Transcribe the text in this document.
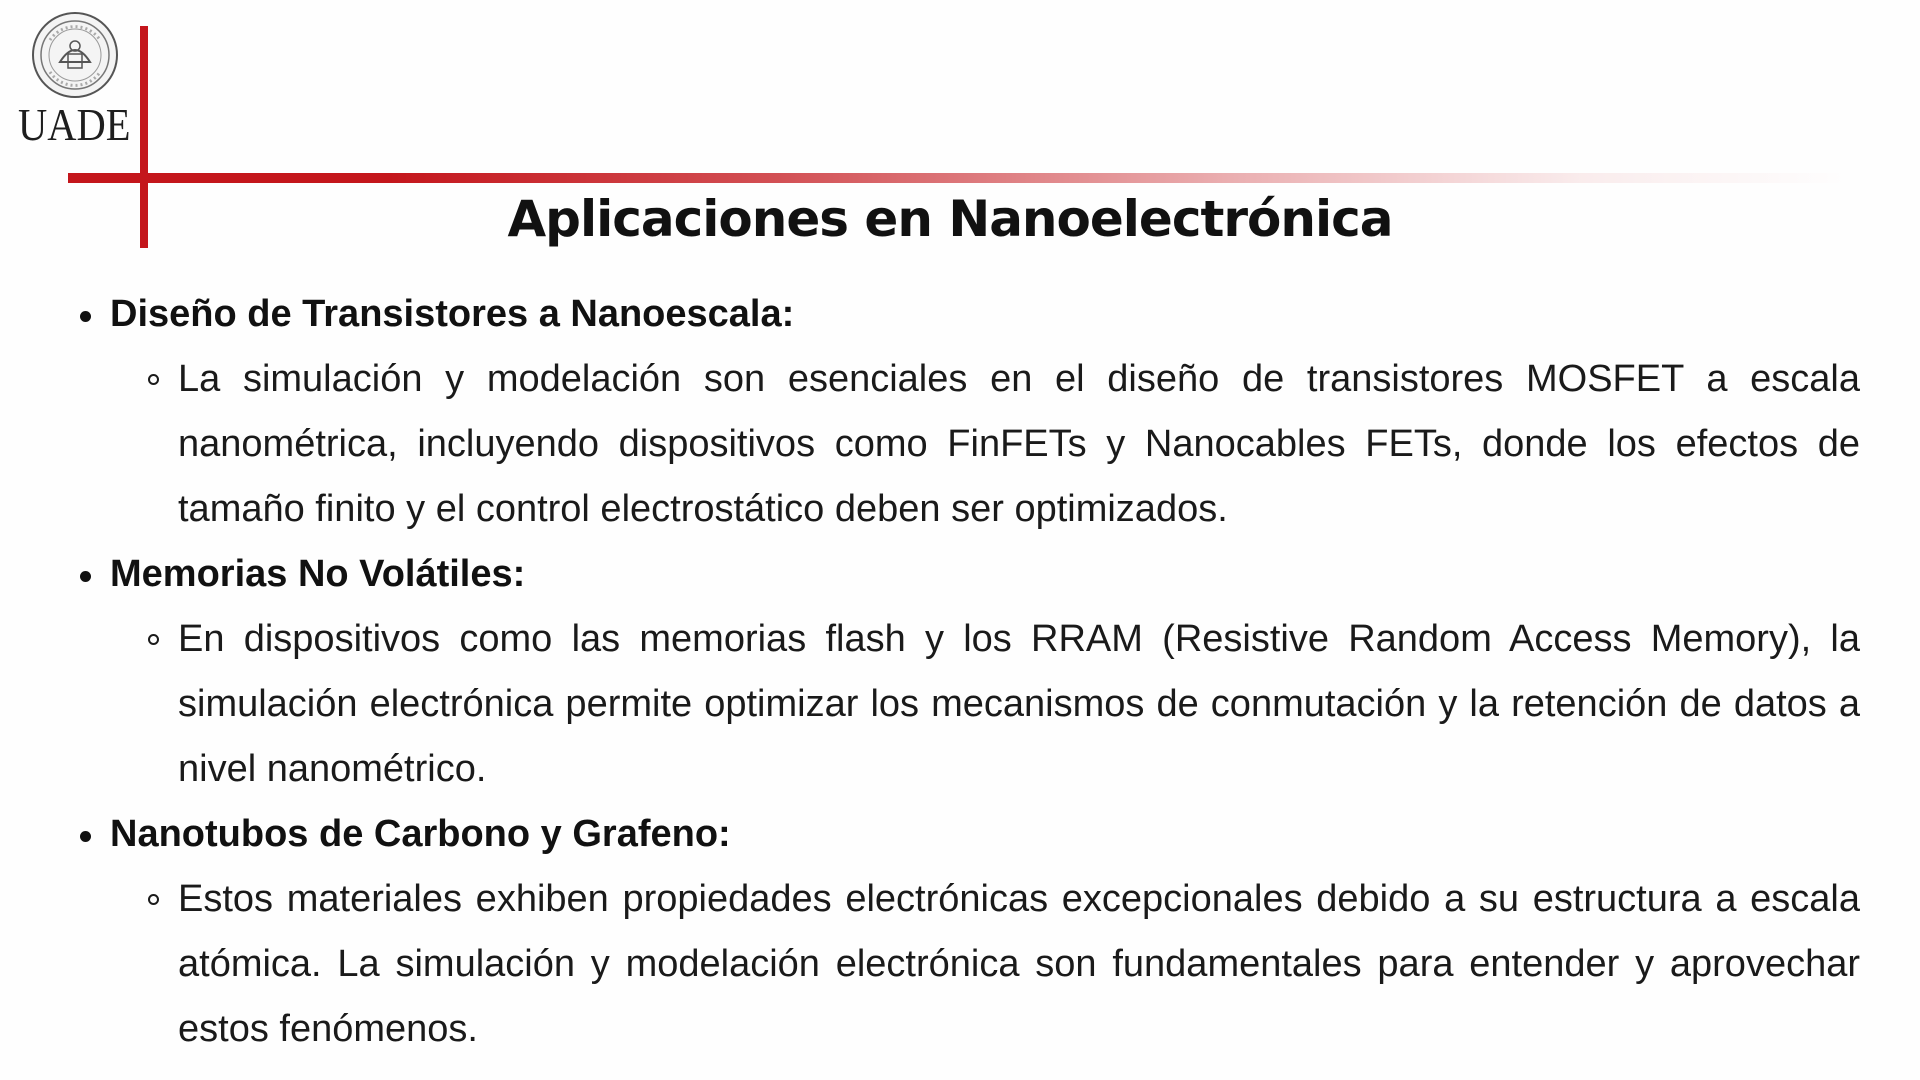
UADE
Aplicaciones en Nanoelectrónica
Diseño de Transistores a Nanoescala:
La simulación y modelación son esenciales en el diseño de transistores MOSFET a escala nanométrica, incluyendo dispositivos como FinFETs y Nanocables FETs, donde los efectos de tamaño finito y el control electrostático deben ser optimizados.
Memorias No Volátiles:
En dispositivos como las memorias flash y los RRAM (Resistive Random Access Memory), la simulación electrónica permite optimizar los mecanismos de conmutación y la retención de datos a nivel nanométrico.
Nanotubos de Carbono y Grafeno:
Estos materiales exhiben propiedades electrónicas excepcionales debido a su estructura a escala atómica. La simulación y modelación electrónica son fundamentales para entender y aprovechar estos fenómenos.
